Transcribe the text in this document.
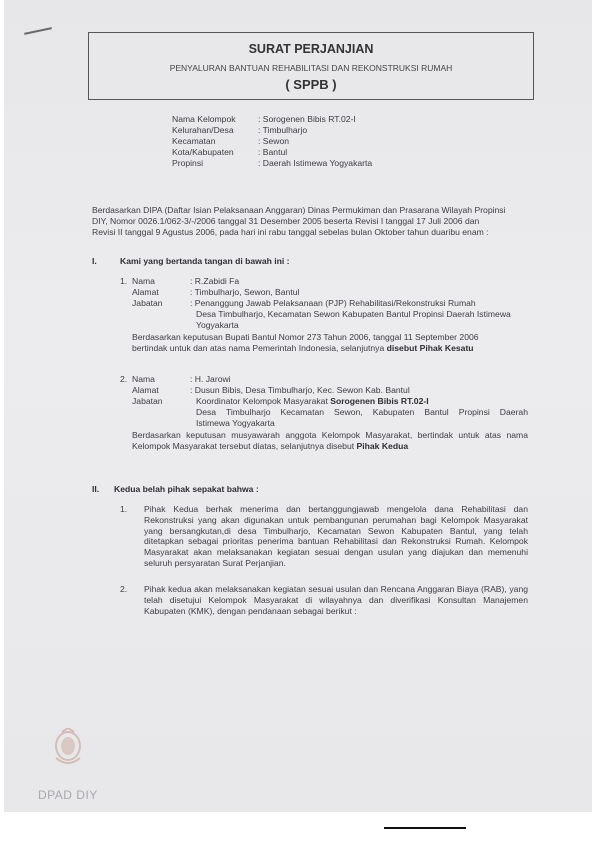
SURAT PERJANJIAN
PENYALURAN BANTUAN REHABILITASI DAN REKONSTRUKSI RUMAH
( SPPB )
Nama Kelompok	: Sorogenen Bibis RT.02-I
Kelurahan/Desa	: Timbulharjo
Kecamatan	: Sewon
Kota/Kabupaten	: Bantul
Propinsi	: Daerah Istimewa Yogyakarta
Berdasarkan DIPA (Daftar Isian Pelaksanaan Anggaran) Dinas Permukiman dan Prasarana Wilayah Propinsi
DIY, Nomor 0026.1/062-3/-/2006 tanggal 31 Desember 2005 beserta Revisi I tanggal 17 Juli 2006 dan
Revisi II tanggal 9 Agustus 2006, pada hari ini rabu tanggal sebelas bulan Oktober tahun duaribu enam :
I.	Kami yang bertanda tangan di bawah ini :
1. Nama	: R.Zabidi Fa
Alamat	: Timbulharjo, Sewon, Bantul
Jabatan	: Penanggung Jawab Pelaksanaan (PJP) Rehabilitasi/Rekonstruksi Rumah
Desa Timbulharjo, Kecamatan Sewon Kabupaten Bantul Propinsi Daerah Istimewa
Yogyakarta
Berdasarkan keputusan Bupati Bantul Nomor 273 Tahun 2006, tanggal 11 September 2006
bertindak untuk dan atas nama Pemerintah Indonesia, selanjutnya disebut Pihak Kesatu
2. Nama	: H. Jarowi
Alamat	: Dusun Bibis, Desa Timbulharjo, Kec. Sewon Kab. Bantul
Jabatan	Koordinator Kelompok Masyarakat Sorogenen Bibis RT.02-I
Desa Timbulharjo Kecamatan Sewon, Kabupaten Bantul Propinsi Daerah
Istimewa Yogyakarta
Berdasarkan keputusan musyawarah anggota Kelompok Masyarakat, bertindak untuk atas nama
Kelompok Masyarakat tersebut diatas, selanjutnya disebut Pihak Kedua
II. Kedua belah pihak sepakat bahwa :
1. Pihak Kedua berhak menerima dan bertanggungjawab mengelola dana Rehabilitasi dan Rekonstruksi yang akan digunakan untuk pembangunan perumahan bagi Kelompok Masyarakat yang bersangkutan,di desa Timbulharjo, Kecamatan Sewon Kabupaten Bantul, yang telah ditetapkan sebagai prioritas penerima bantuan Rehabilitasi dan Rekonstruksi Rumah. Kelompok Masyarakat akan melaksanakan kegiatan sesuai dengan usulan yang diajukan dan memenuhi seluruh persyaratan Surat Perjanjian.
2. Pihak kedua akan melaksanakan kegiatan sesuai usulan dan Rencana Anggaran Biaya (RAB), yang telah disetujui Kelompok Masyarakat di wilayahnya dan diverifikasi Konsultan Manajemen Kabupaten (KMK), dengan pendanaan sebagai berikut :
DPAD DIY
